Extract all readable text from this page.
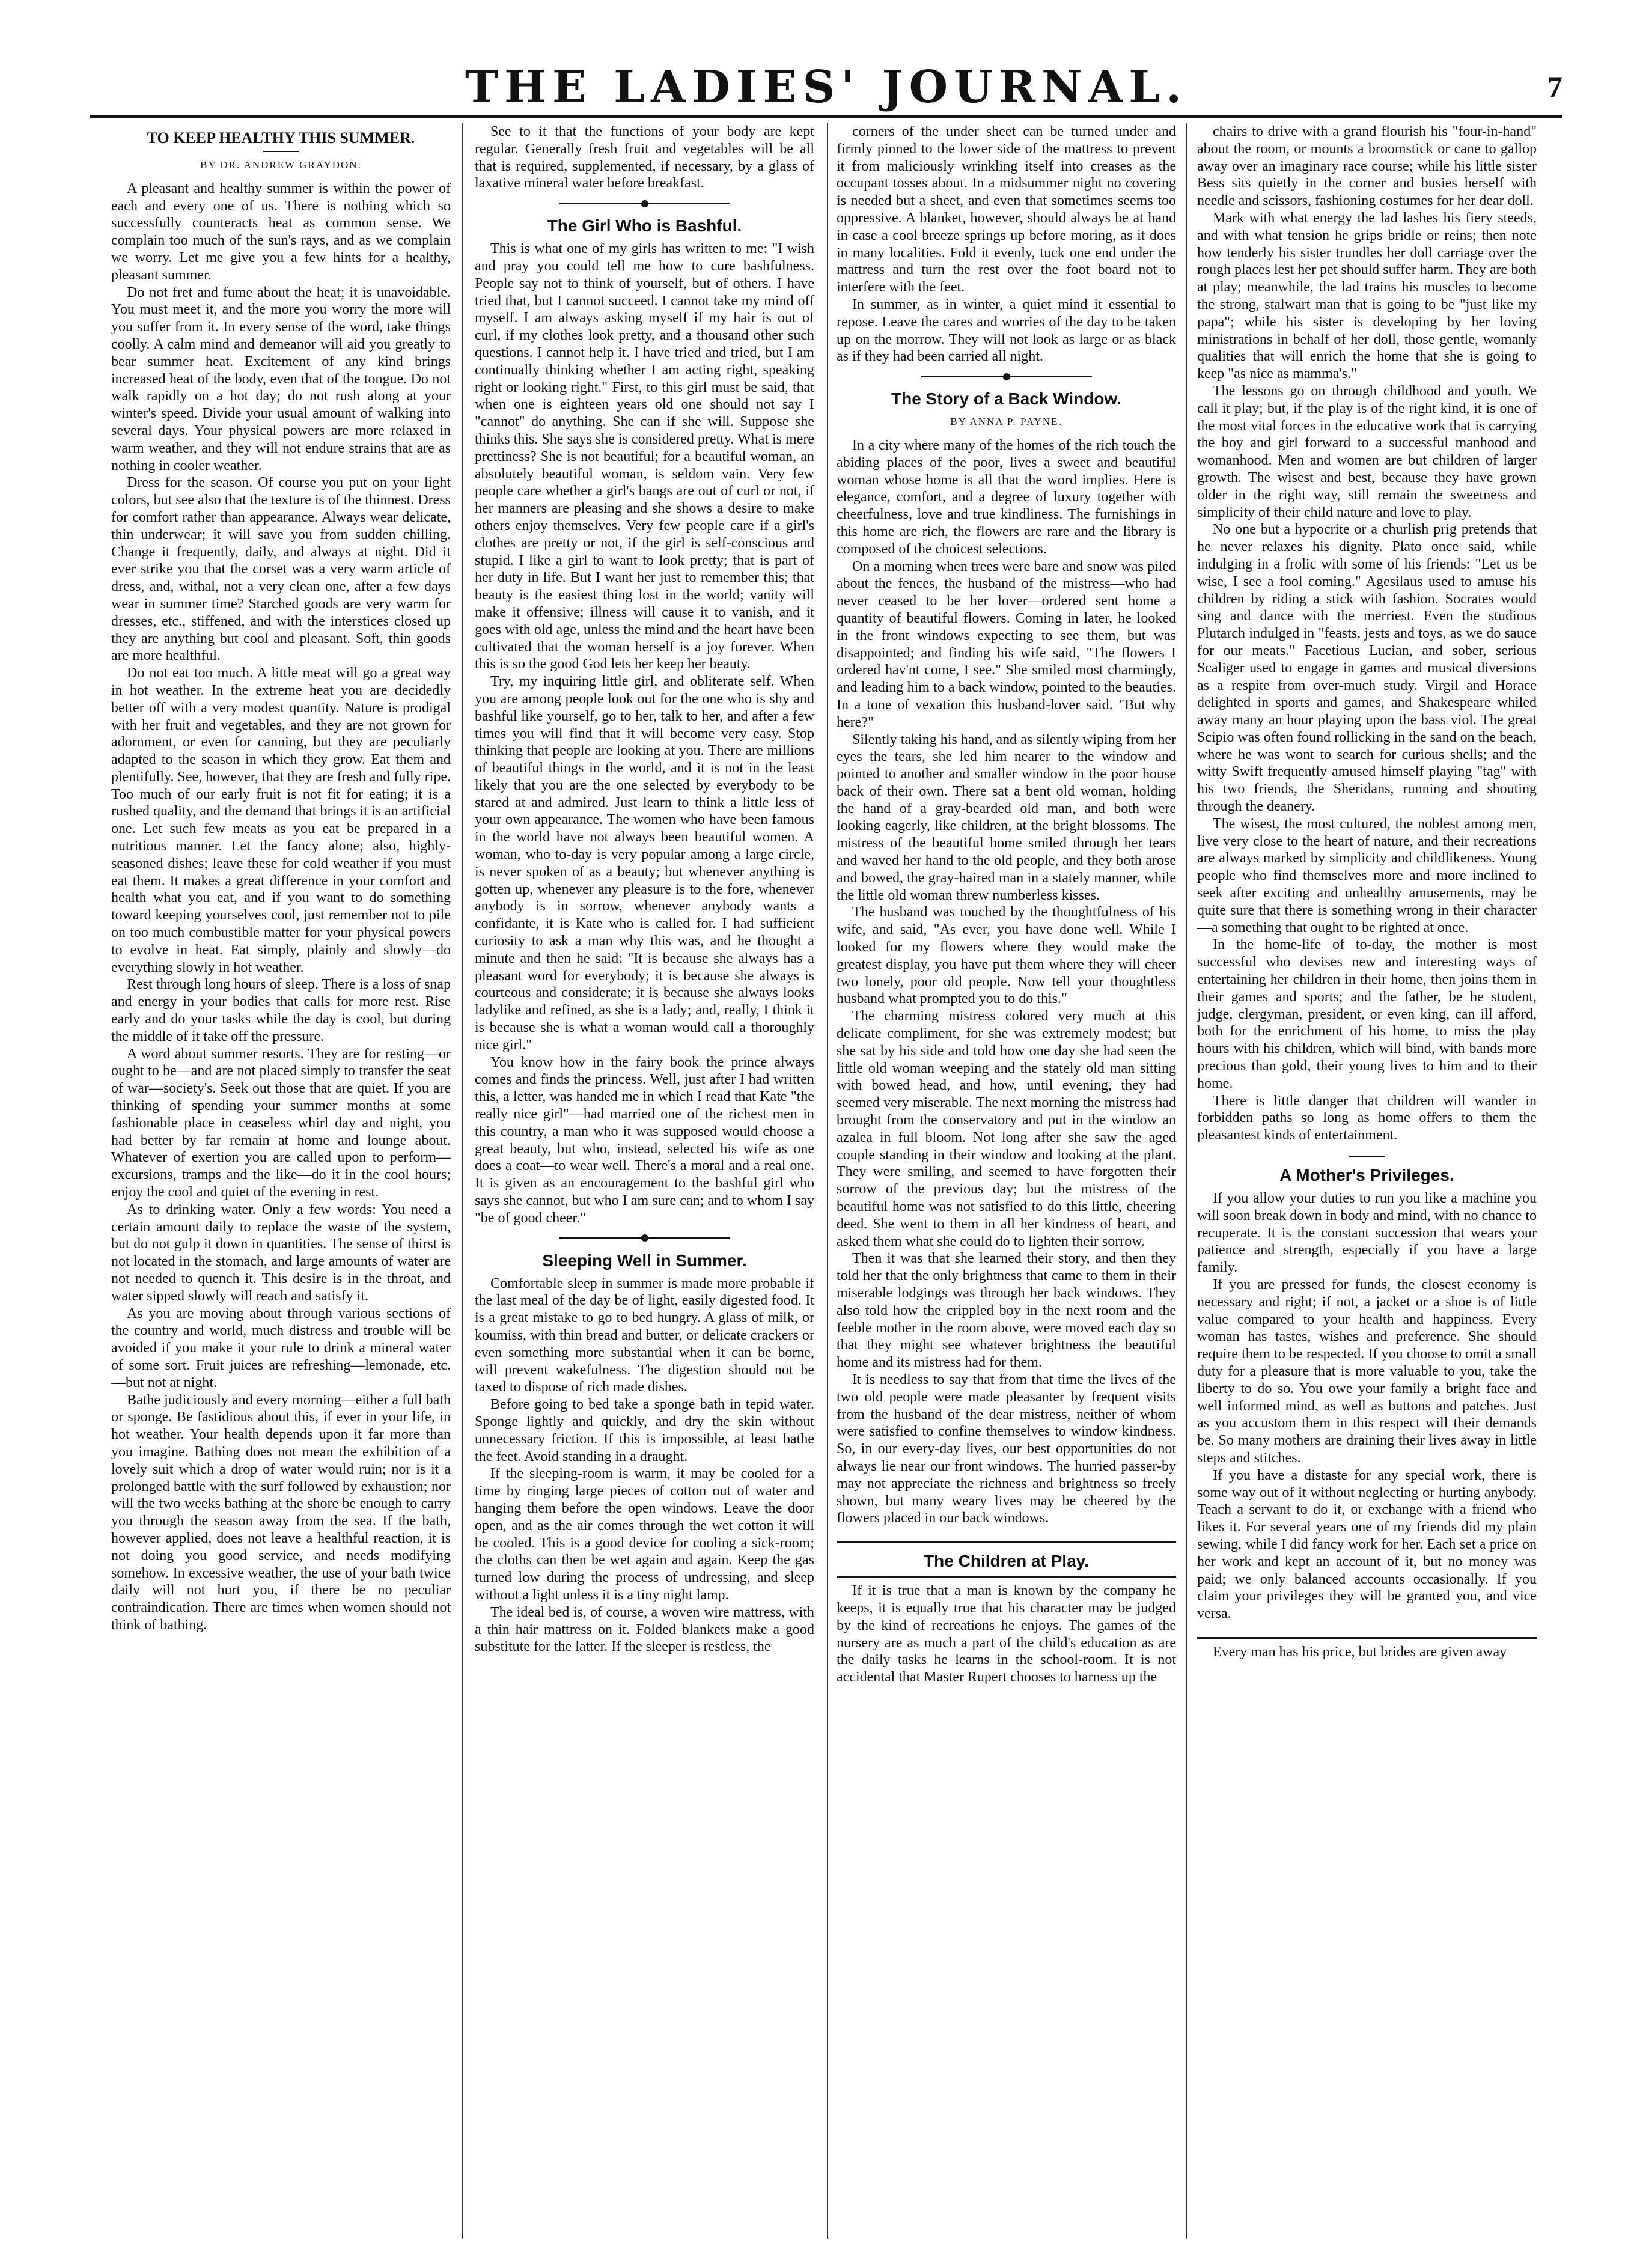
THE LADIES' JOURNAL.	7
TO KEEP HEALTHY THIS SUMMER.
BY DR. ANDREW GRAYDON.

A pleasant and healthy summer is within the power of each and every one of us. There is nothing which so successfully counteracts heat as common sense. We complain too much of the sun's rays, and as we complain we worry. Let me give you a few hints for a healthy, pleasant summer.

Do not fret and fume about the heat; it is unavoidable. You must meet it, and the more you worry the more will you suffer from it. In every sense of the word, take things coolly. A calm mind and demeanor will aid you greatly to bear summer heat. Excitement of any kind brings increased heat of the body, even that of the tongue. Do not walk rapidly on a hot day; do not rush along at your winter's speed. Divide your usual amount of walking into several days. Your physical powers are more relaxed in warm weather, and they will not endure strains that are as nothing in cooler weather.

Dress for the season. Of course you put on your light colors, but see also that the texture is of the thinnest. Dress for comfort rather than appearance. Always wear delicate, thin underwear; it will save you from sudden chilling. Change it frequently, daily, and always at night. Did it ever strike you that the corset was a very warm article of dress, and, withal, not a very clean one, after a few days wear in summer time? Starched goods are very warm for dresses, etc., stiffened, and with the interstices closed up they are anything but cool and pleasant. Soft, thin goods are more healthful.

Do not eat too much. A little meat will go a great way in hot weather. In the extreme heat you are decidedly better off with a very modest quantity. Nature is prodigal with her fruit and vegetables, and they are not grown for adornment, or even for canning, but they are peculiarly adapted to the season in which they grow. Eat them and plentifully. See, however, that they are fresh and fully ripe. Too much of our early fruit is not fit for eating; it is a rushed quality, and the demand that brings it is an artificial one. Let such few meats as you eat be prepared in a nutritious manner. Let the fancy alone; also, highly-seasoned dishes; leave these for cold weather if you must eat them. It makes a great difference in your comfort and health what you eat, and if you want to do something toward keeping yourselves cool, just remember not to pile on too much combustible matter for your physical powers to evolve in heat. Eat simply, plainly and slowly—do everything slowly in hot weather.

Rest through long hours of sleep. There is a loss of snap and energy in your bodies that calls for more rest. Rise early and do your tasks while the day is cool, but during the middle of it take off the pressure.

A word about summer resorts. They are for resting—or ought to be—and are not placed simply to transfer the seat of war—society's. Seek out those that are quiet. If you are thinking of spending your summer months at some fashionable place in ceaseless whirl day and night, you had better by far remain at home and lounge about. Whatever of exertion you are called upon to perform—excursions, tramps and the like—do it in the cool hours; enjoy the cool and quiet of the evening in rest.

As to drinking water. Only a few words: You need a certain amount daily to replace the waste of the system, but do not gulp it down in quantities. The sense of thirst is not located in the stomach, and large amounts of water are not needed to quench it. This desire is in the throat, and water sipped slowly will reach and satisfy it.

As you are moving about through various sections of the country and world, much distress and trouble will be avoided if you make it your rule to drink a mineral water of some sort. Fruit juices are refreshing—lemonade, etc.—but not at night.

Bathe judiciously and every morning—either a full bath or sponge. Be fastidious about this, if ever in your life, in hot weather. Your health depends upon it far more than you imagine. Bathing does not mean the exhibition of a lovely suit which a drop of water would ruin; nor is it a prolonged battle with the surf followed by exhaustion; nor will the two weeks bathing at the shore be enough to carry you through the season away from the sea. If the bath, however applied, does not leave a healthful reaction, it is not doing you good service, and needs modifying somehow. In excessive weather, the use of your bath twice daily will not hurt you, if there be no peculiar contraindication. There are times when women should not think of bathing.

See to it that the functions of your body are kept regular. Generally fresh fruit and vegetables will be all that is required, supplemented, if necessary, by a glass of laxative mineral water before breakfast.

The Girl Who is Bashful.

This is what one of my girls has written to me: "I wish and pray you could tell me how to cure bashfulness. People say not to think of yourself, but of others. I have tried that, but I cannot succeed. I cannot take my mind off myself. I am always asking myself if my hair is out of curl, if my clothes look pretty, and a thousand other such questions. I cannot help it. I have tried and tried, but I am continually thinking whether I am acting right, speaking right or looking right." First, to this girl must be said, that when one is eighteen years old one should not say I "cannot" do anything. She can if she will. Suppose she thinks this. She says she is considered pretty. What is mere prettiness? She is not beautiful; for a beautiful woman, an absolutely beautiful woman, is seldom vain. Very few people care whether a girl's bangs are out of curl or not, if her manners are pleasing and she shows a desire to make others enjoy themselves. Very few people care if a girl's clothes are pretty or not, if the girl is self-conscious and stupid. I like a girl to want to look pretty; that is part of her duty in life. But I want her just to remember this; that beauty is the easiest thing lost in the world; vanity will make it offensive; illness will cause it to vanish, and it goes with old age, unless the mind and the heart have been cultivated that the woman herself is a joy forever. When this is so the good God lets her keep her beauty.

Try, my inquiring little girl, and obliterate self. When you are among people look out for the one who is shy and bashful like yourself, go to her, talk to her, and after a few times you will find that it will become very easy. Stop thinking that people are looking at you. There are millions of beautiful things in the world, and it is not in the least likely that you are the one selected by everybody to be stared at and admired. Just learn to think a little less of your own appearance. The women who have been famous in the world have not always been beautiful women. A woman, who to-day is very popular among a large circle, is never spoken of as a beauty; but whenever anything is gotten up, whenever any pleasure is to the fore, whenever anybody is in sorrow, whenever anybody wants a confidante, it is Kate who is called for. I had sufficient curiosity to ask a man why this was, and he thought a minute and then he said: "It is because she always has a pleasant word for everybody; it is because she always is courteous and considerate; it is because she always looks ladylike and refined, as she is a lady; and, really, I think it is because she is what a woman would call a thoroughly nice girl."

You know how in the fairy book the prince always comes and finds the princess. Well, just after I had written this, a letter, was handed me in which I read that Kate "the really nice girl"—had married one of the richest men in this country, a man who it was supposed would choose a great beauty, but who, instead, selected his wife as one does a coat—to wear well. There's a moral and a real one. It is given as an encouragement to the bashful girl who says she cannot, but who I am sure can; and to whom I say "be of good cheer."

Sleeping Well in Summer.

Comfortable sleep in summer is made more probable if the last meal of the day be of light, easily digested food. It is a great mistake to go to bed hungry. A glass of milk, or koumiss, with thin bread and butter, or delicate crackers or even something more substantial when it can be borne, will prevent wakefulness. The digestion should not be taxed to dispose of rich made dishes.

Before going to bed take a sponge bath in tepid water. Sponge lightly and quickly, and dry the skin without unnecessary friction. If this is impossible, at least bathe the feet. Avoid standing in a draught.

If the sleeping-room is warm, it may be cooled for a time by ringing large pieces of cotton out of water and hanging them before the open windows. Leave the door open, and as the air comes through the wet cotton it will be cooled. This is a good device for cooling a sick-room; the cloths can then be wet again and again. Keep the gas turned low during the process of undressing, and sleep without a light unless it is a tiny night lamp.

The ideal bed is, of course, a woven wire mattress, with a thin hair mattress on it. Folded blankets make a good substitute for the latter. If the sleeper is restless, the

corners of the under sheet can be turned under and firmly pinned to the lower side of the mattress to prevent it from maliciously wrinkling itself into creases as the occupant tosses about. In a midsummer night no covering is needed but a sheet, and even that sometimes seems too oppressive. A blanket, however, should always be at hand in case a cool breeze springs up before moring, as it does in many localities. Fold it evenly, tuck one end under the mattress and turn the rest over the foot board not to interfere with the feet.

In summer, as in winter, a quiet mind it essential to repose. Leave the cares and worries of the day to be taken up on the morrow. They will not look as large or as black as if they had been carried all night.

The Story of a Back Window.
BY ANNA P. PAYNE.

In a city where many of the homes of the rich touch the abiding places of the poor, lives a sweet and beautiful woman whose home is all that the word implies. Here is elegance, comfort, and a degree of luxury together with cheerfulness, love and true kindliness. The furnishings in this home are rich, the flowers are rare and the library is composed of the choicest selections.

On a morning when trees were bare and snow was piled about the fences, the husband of the mistress—who had never ceased to be her lover—ordered sent home a quantity of beautiful flowers. Coming in later, he looked in the front windows expecting to see them, but was disappointed; and finding his wife said, "The flowers I ordered hav'nt come, I see." She smiled most charmingly, and leading him to a back window, pointed to the beauties. In a tone of vexation this husband-lover said. "But why here?"

Silently taking his hand, and as silently wiping from her eyes the tears, she led him nearer to the window and pointed to another and smaller window in the poor house back of their own. There sat a bent old woman, holding the hand of a gray-bearded old man, and both were looking eagerly, like children, at the bright blossoms. The mistress of the beautiful home smiled through her tears and waved her hand to the old people, and they both arose and bowed, the gray-haired man in a stately manner, while the little old woman threw numberless kisses.

The husband was touched by the thoughtfulness of his wife, and said, "As ever, you have done well. While I looked for my flowers where they would make the greatest display, you have put them where they will cheer two lonely, poor old people. Now tell your thoughtless husband what prompted you to do this."

The charming mistress colored very much at this delicate compliment, for she was extremely modest; but she sat by his side and told how one day she had seen the little old woman weeping and the stately old man sitting with bowed head, and how, until evening, they had seemed very miserable. The next morning the mistress had brought from the conservatory and put in the window an azalea in full bloom. Not long after she saw the aged couple standing in their window and looking at the plant. They were smiling, and seemed to have forgotten their sorrow of the previous day; but the mistress of the beautiful home was not satisfied to do this little, cheering deed. She went to them in all her kindness of heart, and asked them what she could do to lighten their sorrow.

Then it was that she learned their story, and then they told her that the only brightness that came to them in their miserable lodgings was through her back windows. They also told how the crippled boy in the next room and the feeble mother in the room above, were moved each day so that they might see whatever brightness the beautiful home and its mistress had for them.

It is needless to say that from that time the lives of the two old people were made pleasanter by frequent visits from the husband of the dear mistress, neither of whom were satisfied to confine themselves to window kindness. So, in our every-day lives, our best opportunities do not always lie near our front windows. The hurried passer-by may not appreciate the richness and brightness so freely shown, but many weary lives may be cheered by the flowers placed in our back windows.

The Children at Play.

If it is true that a man is known by the company he keeps, it is equally true that his character may be judged by the kind of recreations he enjoys. The games of the nursery are as much a part of the child's education as are the daily tasks he learns in the school-room. It is not accidental that Master Rupert chooses to harness up the

chairs to drive with a grand flourish his "four-in-hand" about the room, or mounts a broomstick or cane to gallop away over an imaginary race course; while his little sister Bess sits quietly in the corner and busies herself with needle and scissors, fashioning costumes for her dear doll.

Mark with what energy the lad lashes his fiery steeds, and with what tension he grips bridle or reins; then note how tenderly his sister trundles her doll carriage over the rough places lest her pet should suffer harm. They are both at play; meanwhile, the lad trains his muscles to become the strong, stalwart man that is going to be "just like my papa"; while his sister is developing by her loving ministrations in behalf of her doll, those gentle, womanly qualities that will enrich the home that she is going to keep "as nice as mamma's."

The lessons go on through childhood and youth. We call it play; but, if the play is of the right kind, it is one of the most vital forces in the educative work that is carrying the boy and girl forward to a successful manhood and womanhood. Men and women are but children of larger growth. The wisest and best, because they have grown older in the right way, still remain the sweetness and simplicity of their child nature and love to play.

No one but a hypocrite or a churlish prig pretends that he never relaxes his dignity. Plato once said, while indulging in a frolic with some of his friends: "Let us be wise, I see a fool coming." Agesilaus used to amuse his children by riding a stick with fashion. Socrates would sing and dance with the merriest. Even the studious Plutarch indulged in "feasts, jests and toys, as we do sauce for our meats." Facetious Lucian, and sober, serious Scaliger used to engage in games and musical diversions as a respite from over-much study. Virgil and Horace delighted in sports and games, and Shakespeare whiled away many an hour playing upon the bass viol. The great Scipio was often found rollicking in the sand on the beach, where he was wont to search for curious shells; and the witty Swift frequently amused himself playing "tag" with his two friends, the Sheridans, running and shouting through the deanery.

The wisest, the most cultured, the noblest among men, live very close to the heart of nature, and their recreations are always marked by simplicity and childlikeness. Young people who find themselves more and more inclined to seek after exciting and unhealthy amusements, may be quite sure that there is something wrong in their character—a something that ought to be righted at once.

In the home-life of to-day, the mother is most successful who devises new and interesting ways of entertaining her children in their home, then joins them in their games and sports; and the father, be he student, judge, clergyman, president, or even king, can ill afford, both for the enrichment of his home, to miss the play hours with his children, which will bind, with bands more precious than gold, their young lives to him and to their home.

There is little danger that children will wander in forbidden paths so long as home offers to them the pleasantest kinds of entertainment.

A Mother's Privileges.

If you allow your duties to run you like a machine you will soon break down in body and mind, with no chance to recuperate. It is the constant succession that wears your patience and strength, especially if you have a large family.

If you are pressed for funds, the closest economy is necessary and right; if not, a jacket or a shoe is of little value compared to your health and happiness. Every woman has tastes, wishes and preference. She should require them to be respected. If you choose to omit a small duty for a pleasure that is more valuable to you, take the liberty to do so. You owe your family a bright face and well informed mind, as well as buttons and patches. Just as you accustom them in this respect will their demands be. So many mothers are draining their lives away in little steps and stitches.

If you have a distaste for any special work, there is some way out of it without neglecting or hurting anybody. Teach a servant to do it, or exchange with a friend who likes it. For several years one of my friends did my plain sewing, while I did fancy work for her. Each set a price on her work and kept an account of it, but no money was paid; we only balanced accounts occasionally. If you claim your privileges they will be granted you, and vice versa.

Every man has his price, but brides are given away
